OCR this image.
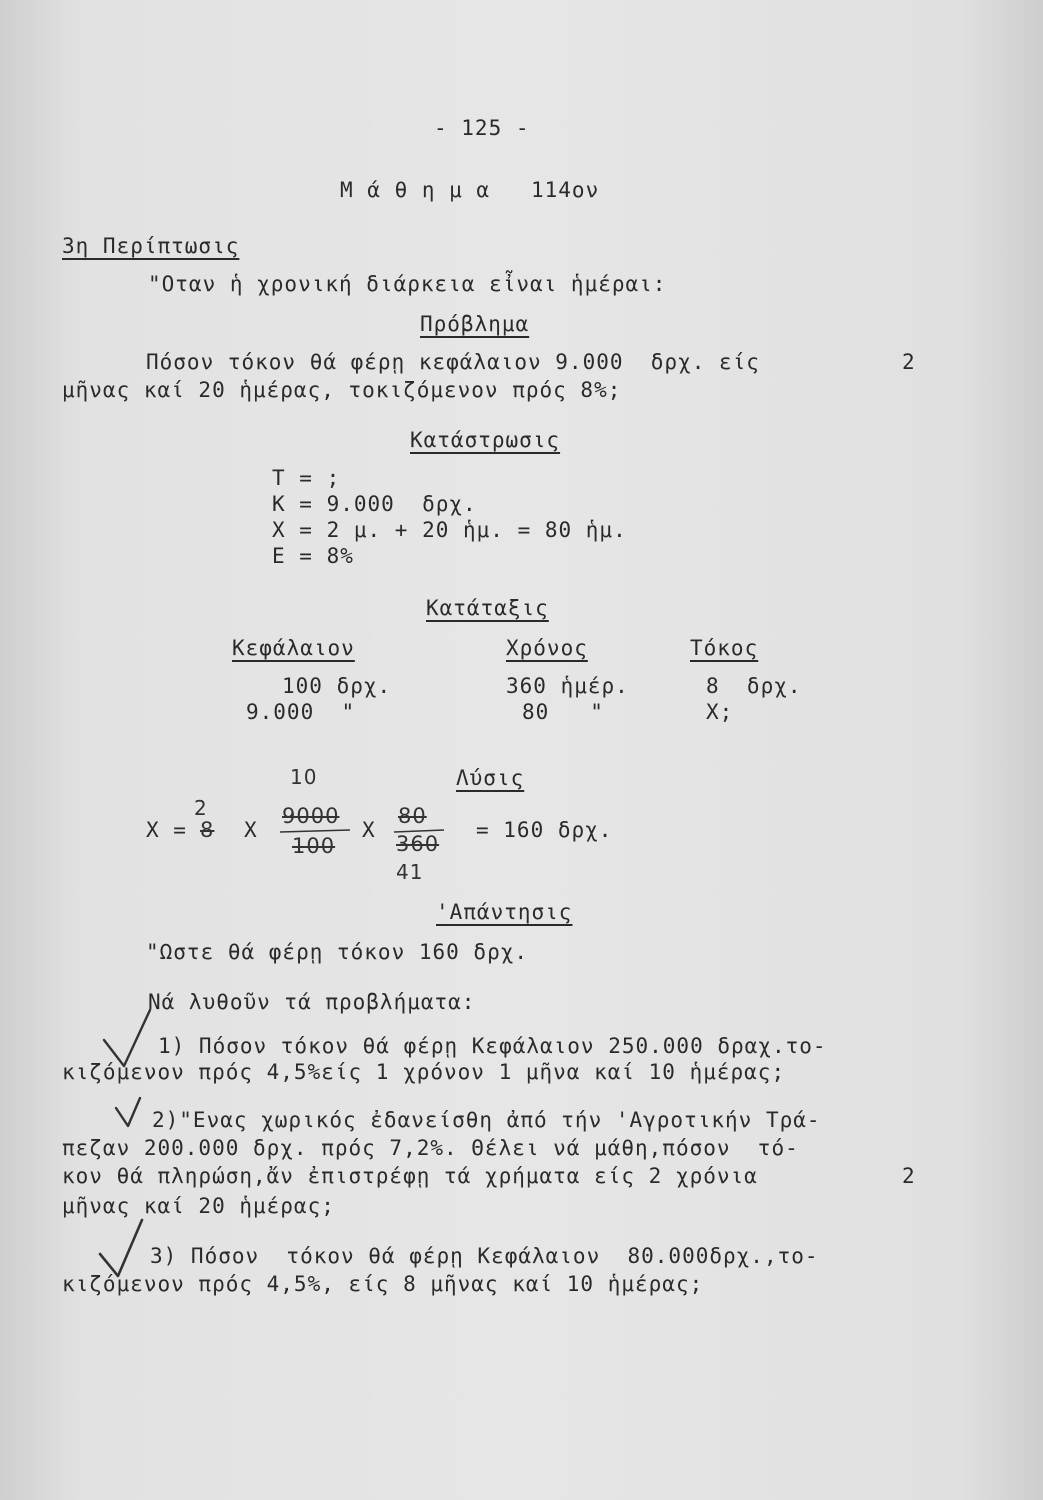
- 125 -
Μ ά θ η μ α   114ον
3η Περίπτωσις
"Οταν ἡ χρονική διάρκεια εἶναι ἡμέραι:
Πρόβλημα
Πόσον τόκον θά φέρῃ κεφάλαιον 9.000  δρχ. είς	2
μῆνας καί 20 ἡμέρας, τοκιζόμενον πρός 8%;
Κατάστρωσις
T = ;
K = 9.000  δρχ.
X = 2 μ. + 20 ἡμ. = 80 ἡμ.
E = 8%
Κατάταξις
Κεφάλαιον	Χρόνος	Τόκος
100 δρχ.	360 ἡμέρ.	8  δρχ.
9.000  "	80   "	X;
Λύσις
10
2
X = 8 X
9000
100
X
80
360
41
= 160 δρχ.
'Απάντησις
"Ωστε θά φέρῃ τόκον 160 δρχ.
Νά λυθοῦν τά προβλήματα:
1) Πόσον τόκον θά φέρῃ Κεφάλαιον 250.000 δραχ.το-
κιζόμενον πρός 4,5%είς 1 χρόνον 1 μῆνα καί 10 ἡμέρας;
2)"Ενας χωρικός ἐδανείσθη ἀπό τήν 'Αγροτικήν Τρά-
πεζαν 200.000 δρχ. πρός 7,2%. Θέλει νά μάθη,πόσον  τό-
κον θά πληρώση,ἄν ἐπιστρέφῃ τά χρήματα είς 2 χρόνια	2
μῆνας καί 20 ἡμέρας;
3) Πόσον  τόκον θά φέρῃ Κεφάλαιον  80.000δρχ.,το-
κιζόμενον πρός 4,5%, είς 8 μῆνας καί 10 ἡμέρας;
